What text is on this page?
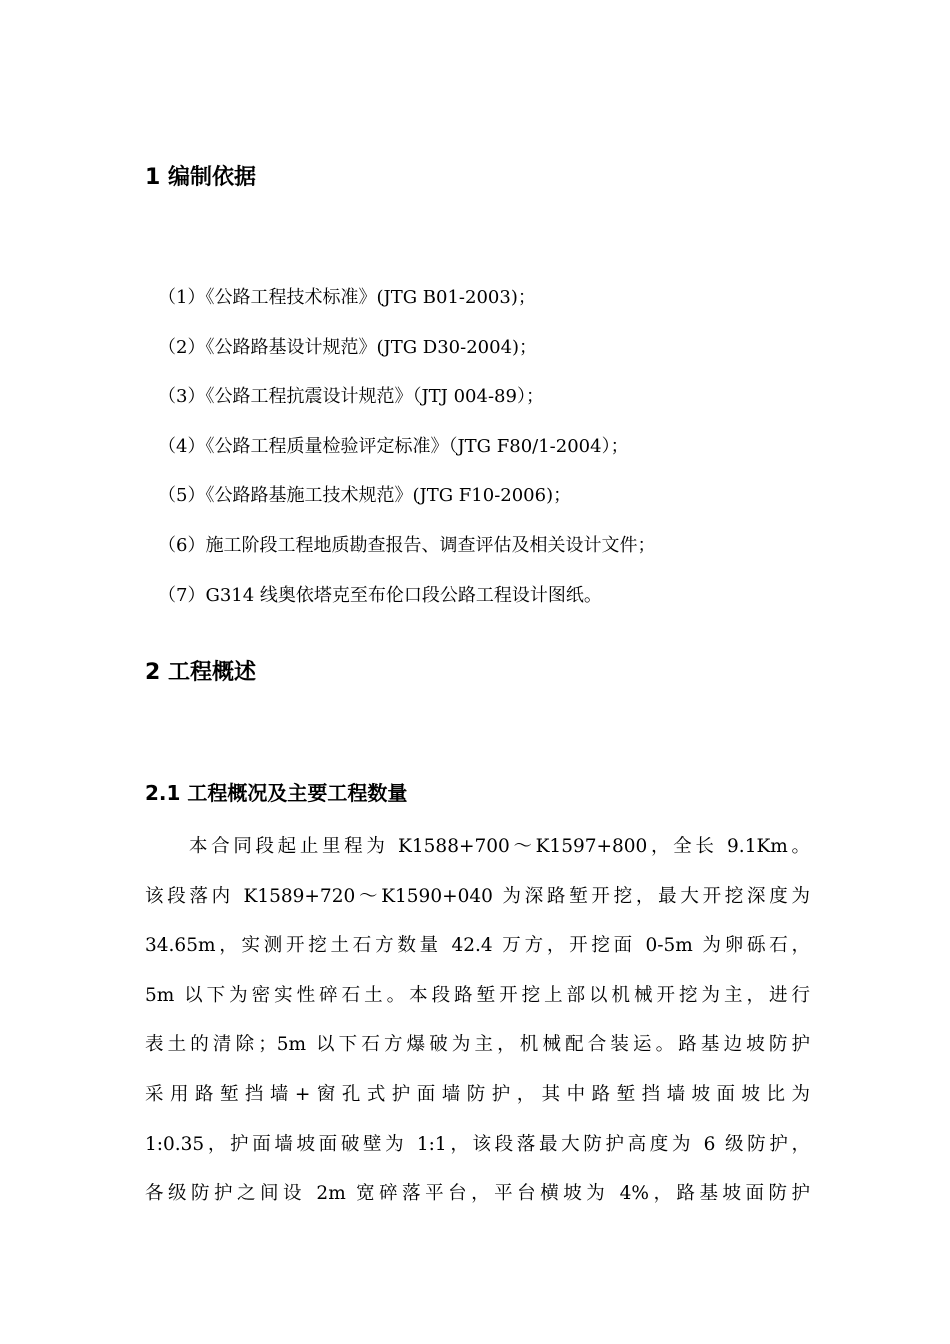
1 编制依据
（1）《公路工程技术标准》(JTG B01-2003)；
（2）《公路路基设计规范》(JTG D30-2004)；
（3）《公路工程抗震设计规范》（JTJ 004-89）；
（4）《公路工程质量检验评定标准》（JTG F80/1-2004）；
（5）《公路路基施工技术规范》(JTG F10-2006)；
（6）施工阶段工程地质勘查报告、调查评估及相关设计文件；
（7）G314 线奥依塔克至布伦口段公路工程设计图纸。
2 工程概述
2.1 工程概况及主要工程数量
本合同段起止里程为 K1588+700～K1597+800，全长 9.1Km。
该段落内 K1589+720～K1590+040 为深路堑开挖，最大开挖深度为
34.65m，实测开挖土石方数量 42.4 万方，开挖面 0-5m 为卵砾石，
5m 以下为密实性碎石土。本段路堑开挖上部以机械开挖为主，进行
表土的清除；5m 以下石方爆破为主，机械配合装运。路基边坡防护
采用路堑挡墙+窗孔式护面墙防护，其中路堑挡墙坡面坡比为
1:0.35，护面墙坡面破壁为 1:1，该段落最大防护高度为 6 级防护，
各级防护之间设 2m 宽碎落平台，平台横坡为 4%，路基坡面防护
